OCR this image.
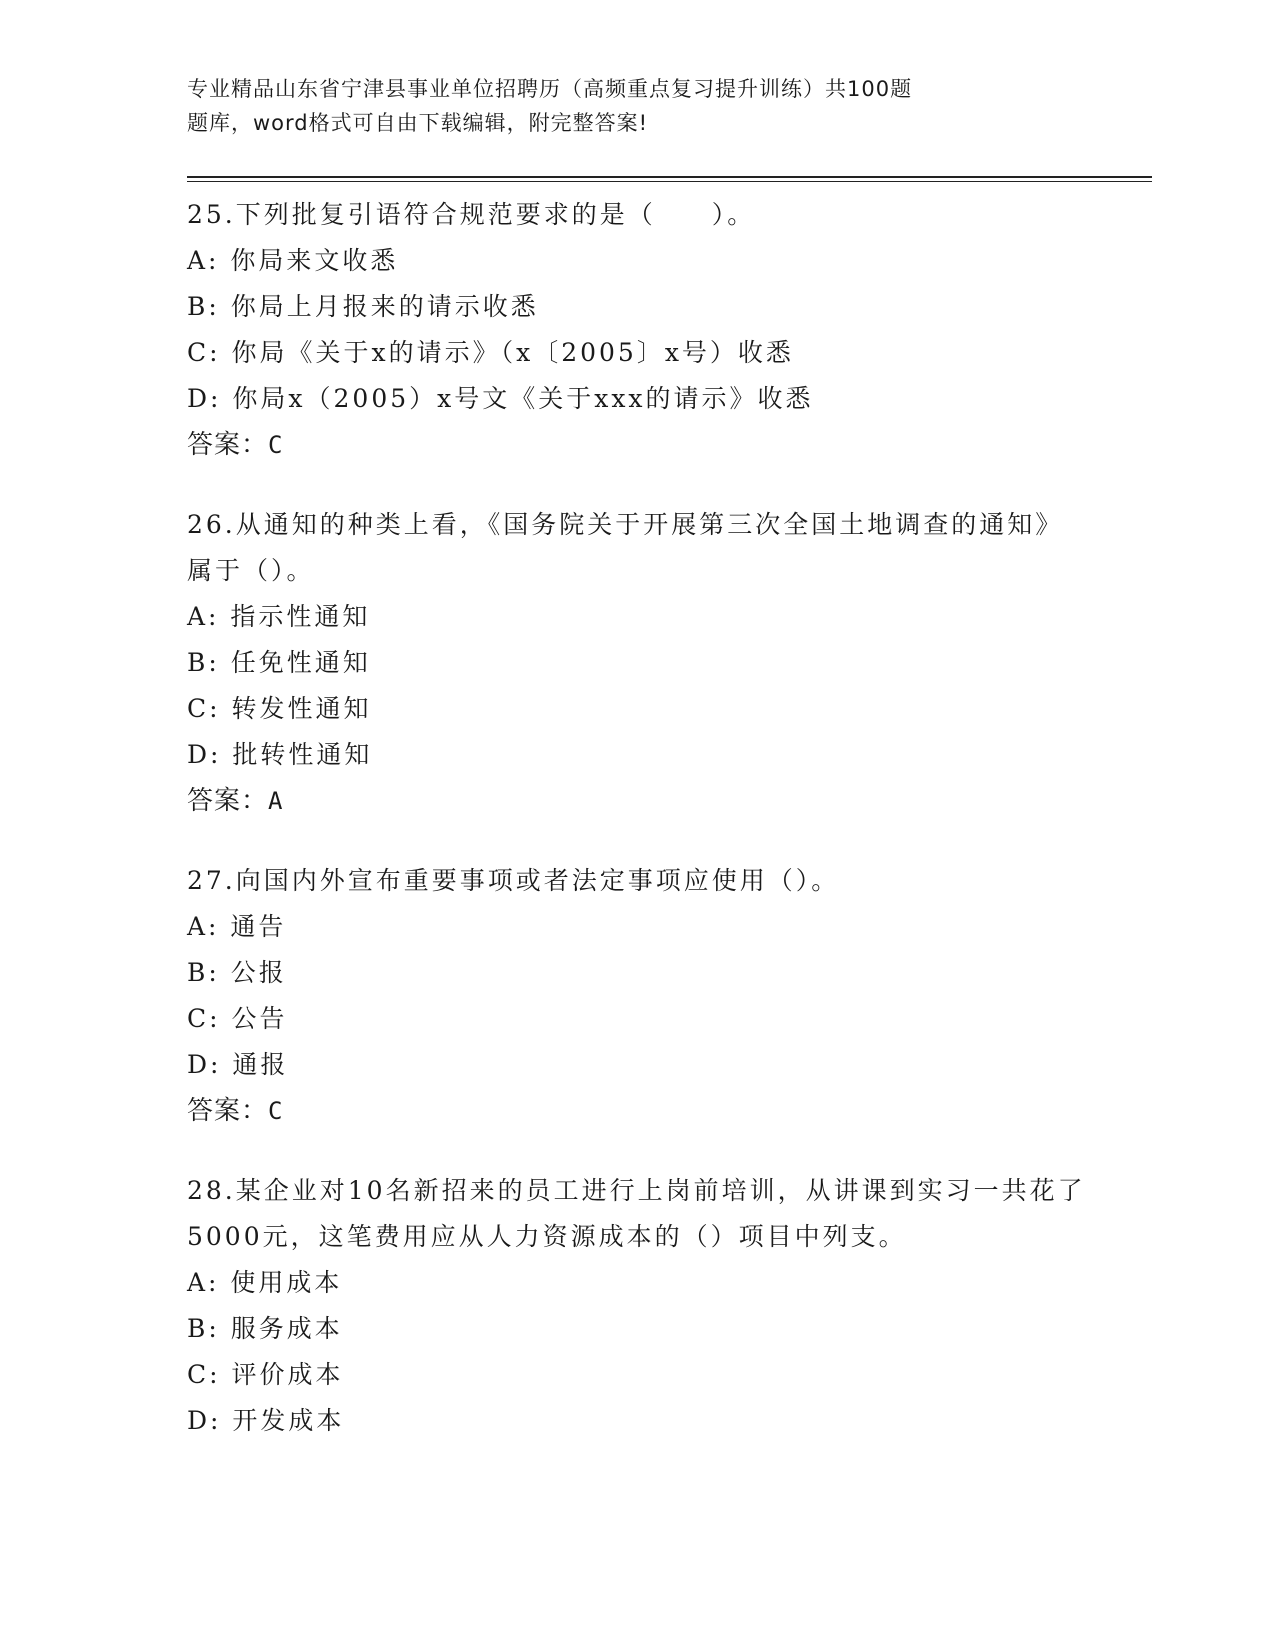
专业精品山东省宁津县事业单位招聘历（高频重点复习提升训练）共100题
题库，word格式可自由下载编辑，附完整答案!
25.下列批复引语符合规范要求的是（　　）。
A: 你局来文收悉
B: 你局上月报来的请示收悉
C: 你局《关于x的请示》（x〔2005〕x号）收悉
D: 你局x（2005）x号文《关于xxx的请示》收悉
答案：C
26.从通知的种类上看，《国务院关于开展第三次全国土地调查的通知》属于（）。
A: 指示性通知
B: 任免性通知
C: 转发性通知
D: 批转性通知
答案：A
27.向国内外宣布重要事项或者法定事项应使用（）。
A: 通告
B: 公报
C: 公告
D: 通报
答案：C
28.某企业对10名新招来的员工进行上岗前培训，从讲课到实习一共花了5000元，这笔费用应从人力资源成本的（）项目中列支。
A: 使用成本
B: 服务成本
C: 评价成本
D: 开发成本
